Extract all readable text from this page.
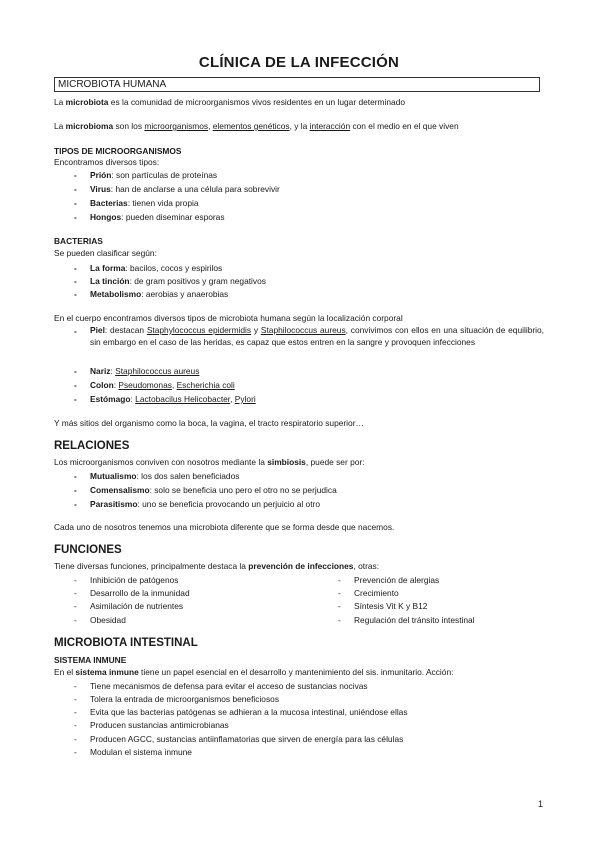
CLÍNICA DE LA INFECCIÓN
MICROBIOTA HUMANA
La microbiota es la comunidad de microorganismos vivos residentes en un lugar determinado
La microbioma son los microorganismos, elementos genéticos, y la interacción con el medio en el que viven
TIPOS DE MICROORGANISMOS
Encontramos diversos tipos:
- Prión: son partículas de proteínas
- Virus: han de anclarse a una célula para sobrevivir
- Bacterias: tienen vida propia
- Hongos: pueden diseminar esporas
BACTERIAS
Se pueden clasificar según:
- La forma: bacilos, cocos y espirilos
- La tinción: de gram positivos y gram negativos
- Metabolismo: aerobias y anaerobias
En el cuerpo encontramos diversos tipos de microbiota humana según la localización corporal
- Piel: destacan Staphylococcus epidermidis y Staphilococcus aureus, convivimos con ellos en una situación de equilibrio, sin embargo en el caso de las heridas, es capaz que estos entren en la sangre y provoquen infecciones
- Nariz: Staphilococcus aureus
- Colon: Pseudomonas, Escherichia coli
- Estómago: Lactobacilus Helicobacter, Pylori
Y más sitios del organismo como la boca, la vagina, el tracto respiratorio superior…
RELACIONES
Los microorganismos conviven con nosotros mediante la simbiosis, puede ser por:
- Mutualismo: los dos salen beneficiados
- Comensalismo: solo se beneficia uno pero el otro no se perjudica
- Parasitismo: uno se beneficia provocando un perjuicio al otro
Cada uno de nosotros tenemos una microbiota diferente que se forma desde que nacemos.
FUNCIONES
Tiene diversas funciones, principalmente destaca la prevención de infecciones, otras:
- Inhibición de patógenos
- Desarrollo de la inmunidad
- Asimilación de nutrientes
- Obesidad
- Prevención de alergias
- Crecimiento
- Síntesis Vit K y B12
- Regulación del tránsito intestinal
MICROBIOTA INTESTINAL
SISTEMA INMUNE
En el sistema inmune tiene un papel esencial en el desarrollo y mantenimiento del sis. inmunitario. Acción:
- Tiene mecanismos de defensa para evitar el acceso de sustancias nocivas
- Tolera la entrada de microorganismos beneficiosos
- Evita que las bacterias patógenas se adhieran a la mucosa intestinal, uniéndose ellas
- Producen sustancias antimicrobianas
- Producen AGCC, sustancias antiinflamatorias que sirven de energía para las células
- Modulan el sistema inmune
1
